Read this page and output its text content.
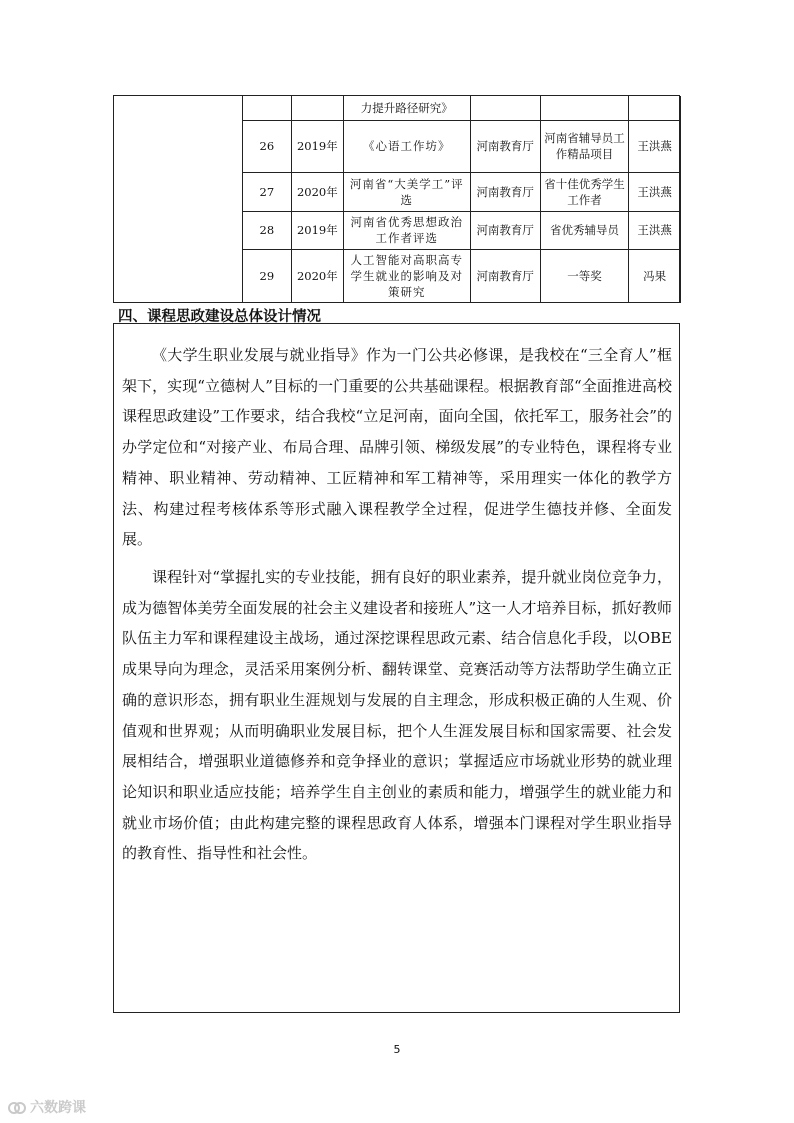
		力提升路径研究》			
26	2019年	《心语工作坊》	河南教育厅	河南省辅导员工作精品项目	王洪燕
27	2020年	河南省“大美学工”评选	河南教育厅	省十佳优秀学生工作者	王洪燕
28	2019年	河南省优秀思想政治工作者评选	河南教育厅	省优秀辅导员	王洪燕
29	2020年	人工智能对高职高专学生就业的影响及对策研究	河南教育厅	一等奖	冯果
四、课程思政建设总体设计情况

《大学生职业发展与就业指导》作为一门公共必修课，是我校在“三全育人”框架下，实现“立德树人”目标的一门重要的公共基础课程。根据教育部“全面推进高校课程思政建设”工作要求，结合我校“立足河南，面向全国，依托军工，服务社会”的办学定位和“对接产业、布局合理、品牌引领、梯级发展”的专业特色，课程将专业精神、职业精神、劳动精神、工匠精神和军工精神等，采用理实一体化的教学方法、构建过程考核体系等形式融入课程教学全过程，促进学生德技并修、全面发展。

课程针对“掌握扎实的专业技能，拥有良好的职业素养，提升就业岗位竞争力，成为德智体美劳全面发展的社会主义建设者和接班人”这一人才培养目标，抓好教师队伍主力军和课程建设主战场，通过深挖课程思政元素、结合信息化手段，以OBE成果导向为理念，灵活采用案例分析、翻转课堂、竞赛活动等方法帮助学生确立正确的意识形态，拥有职业生涯规划与发展的自主理念，形成积极正确的人生观、价值观和世界观；从而明确职业发展目标，把个人生涯发展目标和国家需要、社会发展相结合，增强职业道德修养和竞争择业的意识；掌握适应市场就业形势的就业理论知识和职业适应技能；培养学生自主创业的素质和能力，增强学生的就业能力和就业市场价值；由此构建完整的课程思政育人体系，增强本门课程对学生职业指导的教育性、指导性和社会性。

5
六数跨课
